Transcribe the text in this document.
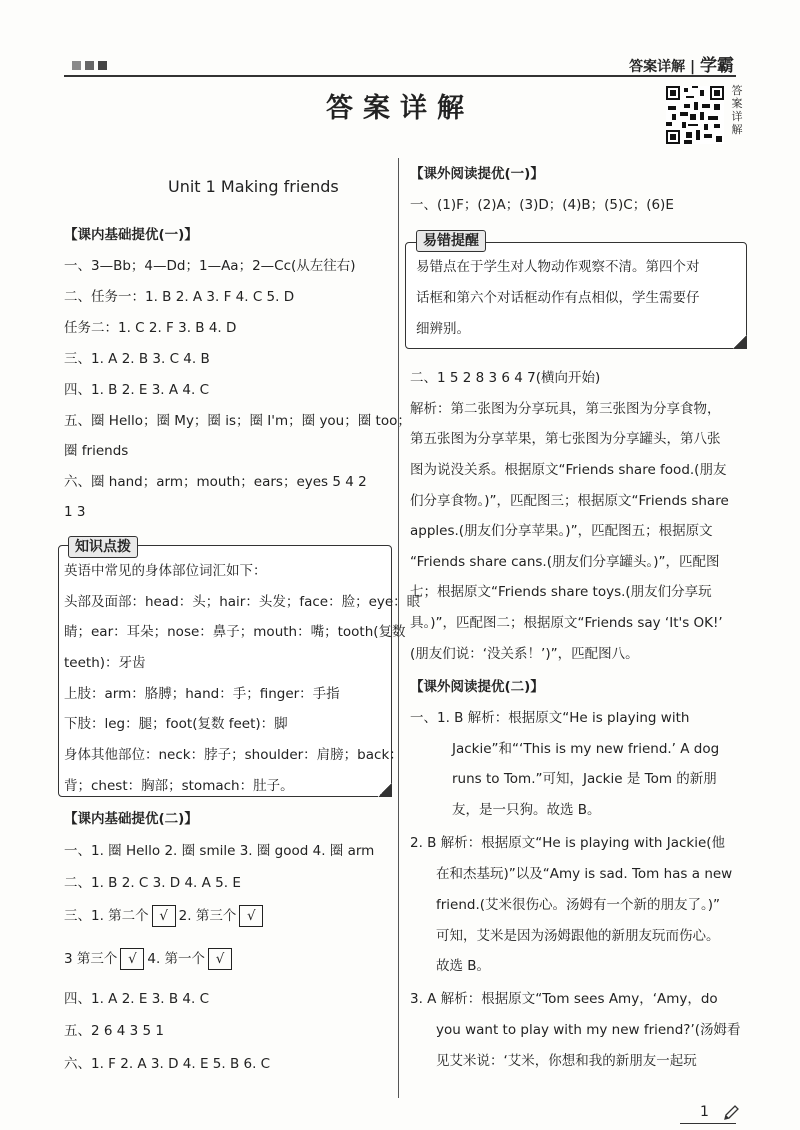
答案详解 | 学霸
答案详解
答
案
详
解
知识点拨
易错提醒
Unit 1 Making friends
【课内基础提优(一)】
一、3—Bb；4—Dd；1—Aa；2—Cc(从左往右)
二、任务一：1. B 2. A 3. F 4. C 5. D
任务二：1. C 2. F 3. B 4. D
三、1. A 2. B 3. C 4. B
四、1. B 2. E 3. A 4. C
五、圈 Hello；圈 My；圈 is；圈 I'm；圈 you；圈 too；
圈 friends
六、圈 hand；arm；mouth；ears；eyes 5 4 2
1 3
英语中常见的身体部位词汇如下：
头部及面部：head：头；hair：头发；face：脸；eye：眼
睛；ear：耳朵；nose：鼻子；mouth：嘴；tooth(复数
teeth)：牙齿
上肢：arm：胳膊；hand：手；finger：手指
下肢：leg：腿；foot(复数 feet)：脚
身体其他部位：neck：脖子；shoulder：肩膀；back：
背；chest：胸部；stomach：肚子。
【课内基础提优(二)】
一、1. 圈 Hello 2. 圈 smile 3. 圈 good 4. 圈 arm
二、1. B 2. C 3. D 4. A 5. E
四、1. A 2. E 3. B 4. C
五、2 6 4 3 5 1
六、1. F 2. A 3. D 4. E 5. B 6. C
三、1. 第二个 √ 2. 第三个 √
3 第三个 √ 4. 第一个 √
【课外阅读提优(一)】
一、(1)F；(2)A；(3)D；(4)B；(5)C；(6)E
易错点在于学生对人物动作观察不清。第四个对
话框和第六个对话框动作有点相似，学生需要仔
细辨别。
二、1 5 2 8 3 6 4 7(横向开始)
解析：第二张图为分享玩具，第三张图为分享食物，
第五张图为分享苹果，第七张图为分享罐头，第八张
图为说没关系。根据原文“Friends share food.(朋友
们分享食物。)”，匹配图三；根据原文“Friends share
apples.(朋友们分享苹果。)”，匹配图五；根据原文
“Friends share cans.(朋友们分享罐头。)”，匹配图
七；根据原文“Friends share toys.(朋友们分享玩
具。)”，匹配图二；根据原文“Friends say ‘It's OK!’
(朋友们说：‘没关系！’)”，匹配图八。
【课外阅读提优(二)】
一、1. B 解析：根据原文“He is playing with
Jackie”和“‘This is my new friend.’ A dog
runs to Tom.”可知，Jackie 是 Tom 的新朋
友，是一只狗。故选 B。
2. B 解析：根据原文“He is playing with Jackie(他
在和杰基玩)”以及“Amy is sad. Tom has a new
friend.(艾米很伤心。汤姆有一个新的朋友了。)”
可知，艾米是因为汤姆跟他的新朋友玩而伤心。
故选 B。
3. A 解析：根据原文“Tom sees Amy，‘Amy，do
you want to play with my new friend?’(汤姆看
见艾米说：‘艾米，你想和我的新朋友一起玩
1
